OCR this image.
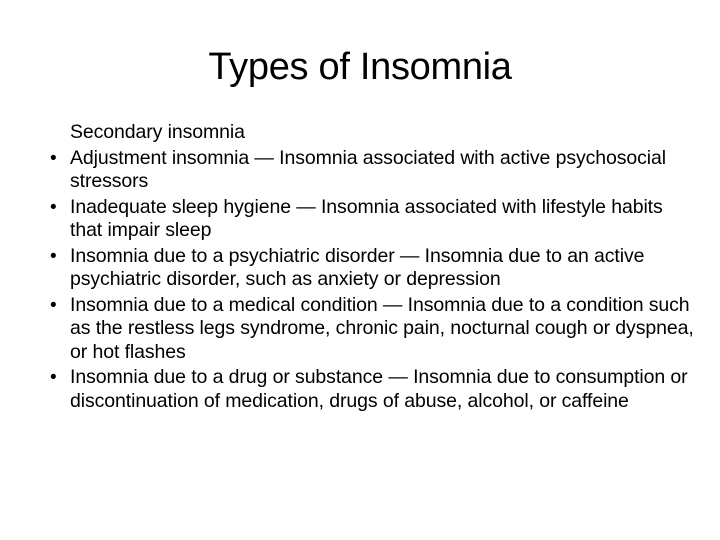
Types of Insomnia

Secondary insomnia

• Adjustment insomnia — Insomnia associated with active psychosocial stressors
• Inadequate sleep hygiene — Insomnia associated with lifestyle habits that impair sleep
• Insomnia due to a psychiatric disorder — Insomnia due to an active psychiatric disorder, such as anxiety or depression
• Insomnia due to a medical condition — Insomnia due to a condition such as the restless legs syndrome, chronic pain, nocturnal cough or dyspnea, or hot flashes
• Insomnia due to a drug or substance — Insomnia due to consumption or discontinuation of medication, drugs of abuse, alcohol, or caffeine
